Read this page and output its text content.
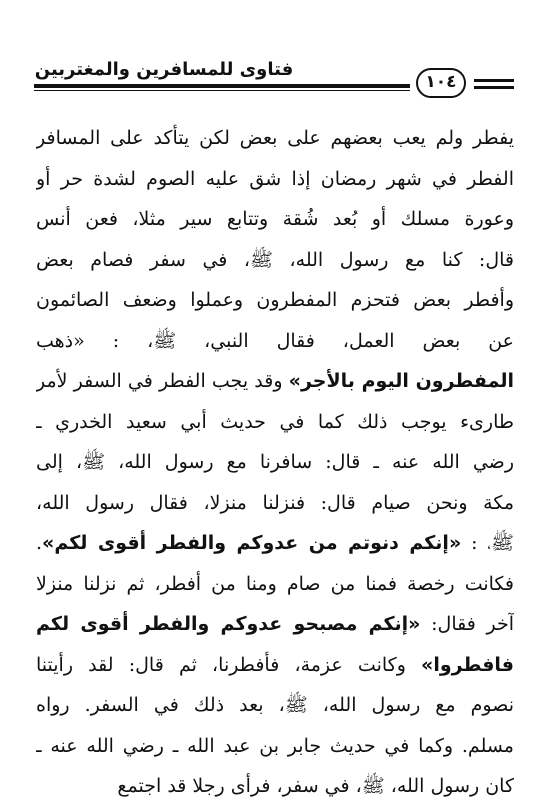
فتاوى للمسافرين والمغتربين
١٠٤
يفطر ولم يعب بعضهم على بعض لكن يتأكد على المسافر
الفطر في شهر رمضان إذا شق عليه الصوم لشدة حر أو
وعورة مسلك أو بُعد شُقة وتتابع سير مثلا، فعن أنس
قال: كنا مع رسول الله، ﷺ، في سفر فصام بعض
وأفطر بعض فتحزم المفطرون وعملوا وضعف الصائمون
عن بعض العمل، فقال النبي، ﷺ، : «ذهب
المفطرون اليوم بالأجر» وقد يجب الفطر في السفر لأمر
طارىء يوجب ذلك كما في حديث أبي سعيد الخدري ـ
رضي الله عنه ـ قال: سافرنا مع رسول الله، ﷺ، إلى
مكة ونحن صيام قال: فنزلنا منزلا، فقال رسول الله،
ﷺ، : «إنكم دنوتم من عدوكم والفطر أقوى لكم».
فكانت رخصة فمنا من صام ومنا من أفطر، ثم نزلنا منزلا
آخر فقال: «إنكم مصبحو عدوكم والفطر أقوى لكم
فافطروا» وكانت عزمة، فأفطرنا، ثم قال: لقد رأيتنا
نصوم مع رسول الله، ﷺ، بعد ذلك في السفر. رواه
مسلم. وكما في حديث جابر بن عبد الله ـ رضي الله عنه ـ
كان رسول الله، ﷺ، في سفر، فرأى رجلا قد اجتمع
